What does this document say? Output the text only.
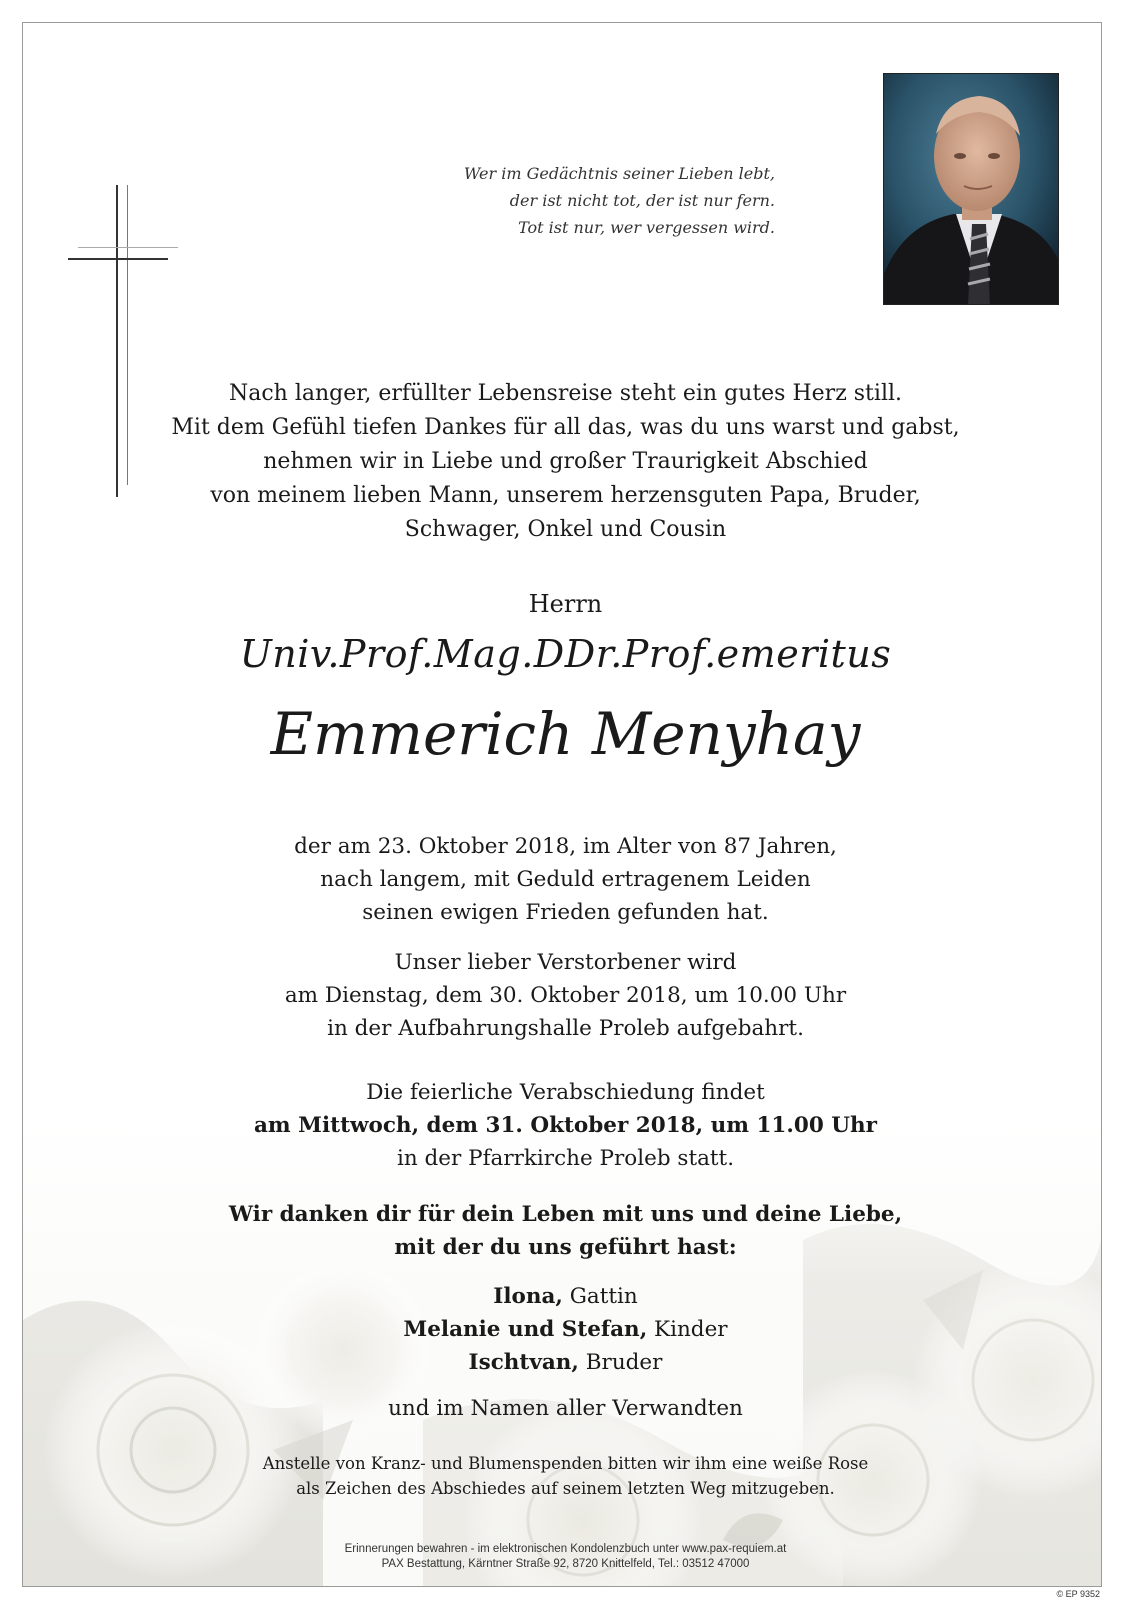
Wer im Gedächtnis seiner Lieben lebt,
der ist nicht tot, der ist nur fern.
Tot ist nur, wer vergessen wird.
Nach langer, erfüllter Lebensreise steht ein gutes Herz still.
Mit dem Gefühl tiefen Dankes für all das, was du uns warst und gabst,
nehmen wir in Liebe und großer Traurigkeit Abschied
von meinem lieben Mann, unserem herzensguten Papa, Bruder,
Schwager, Onkel und Cousin
Herrn
Univ.Prof.Mag.DDr.Prof.emeritus
Emmerich Menyhay
der am 23. Oktober 2018, im Alter von 87 Jahren,
nach langem, mit Geduld ertragenem Leiden
seinen ewigen Frieden gefunden hat.
Unser lieber Verstorbener wird
am Dienstag, dem 30. Oktober 2018, um 10.00 Uhr
in der Aufbahrungshalle Proleb aufgebahrt.
Die feierliche Verabschiedung findet
am Mittwoch, dem 31. Oktober 2018, um 11.00 Uhr
in der Pfarrkirche Proleb statt.
Wir danken dir für dein Leben mit uns und deine Liebe,
mit der du uns geführt hast:
Ilona, Gattin
Melanie und Stefan, Kinder
Ischtvan, Bruder
und im Namen aller Verwandten
Anstelle von Kranz- und Blumenspenden bitten wir ihm eine weiße Rose
als Zeichen des Abschiedes auf seinem letzten Weg mitzugeben.
Erinnerungen bewahren - im elektronischen Kondolenzbuch unter www.pax-requiem.at
PAX Bestattung, Kärntner Straße 92, 8720 Knittelfeld, Tel.: 03512 47000
© EP 9352
